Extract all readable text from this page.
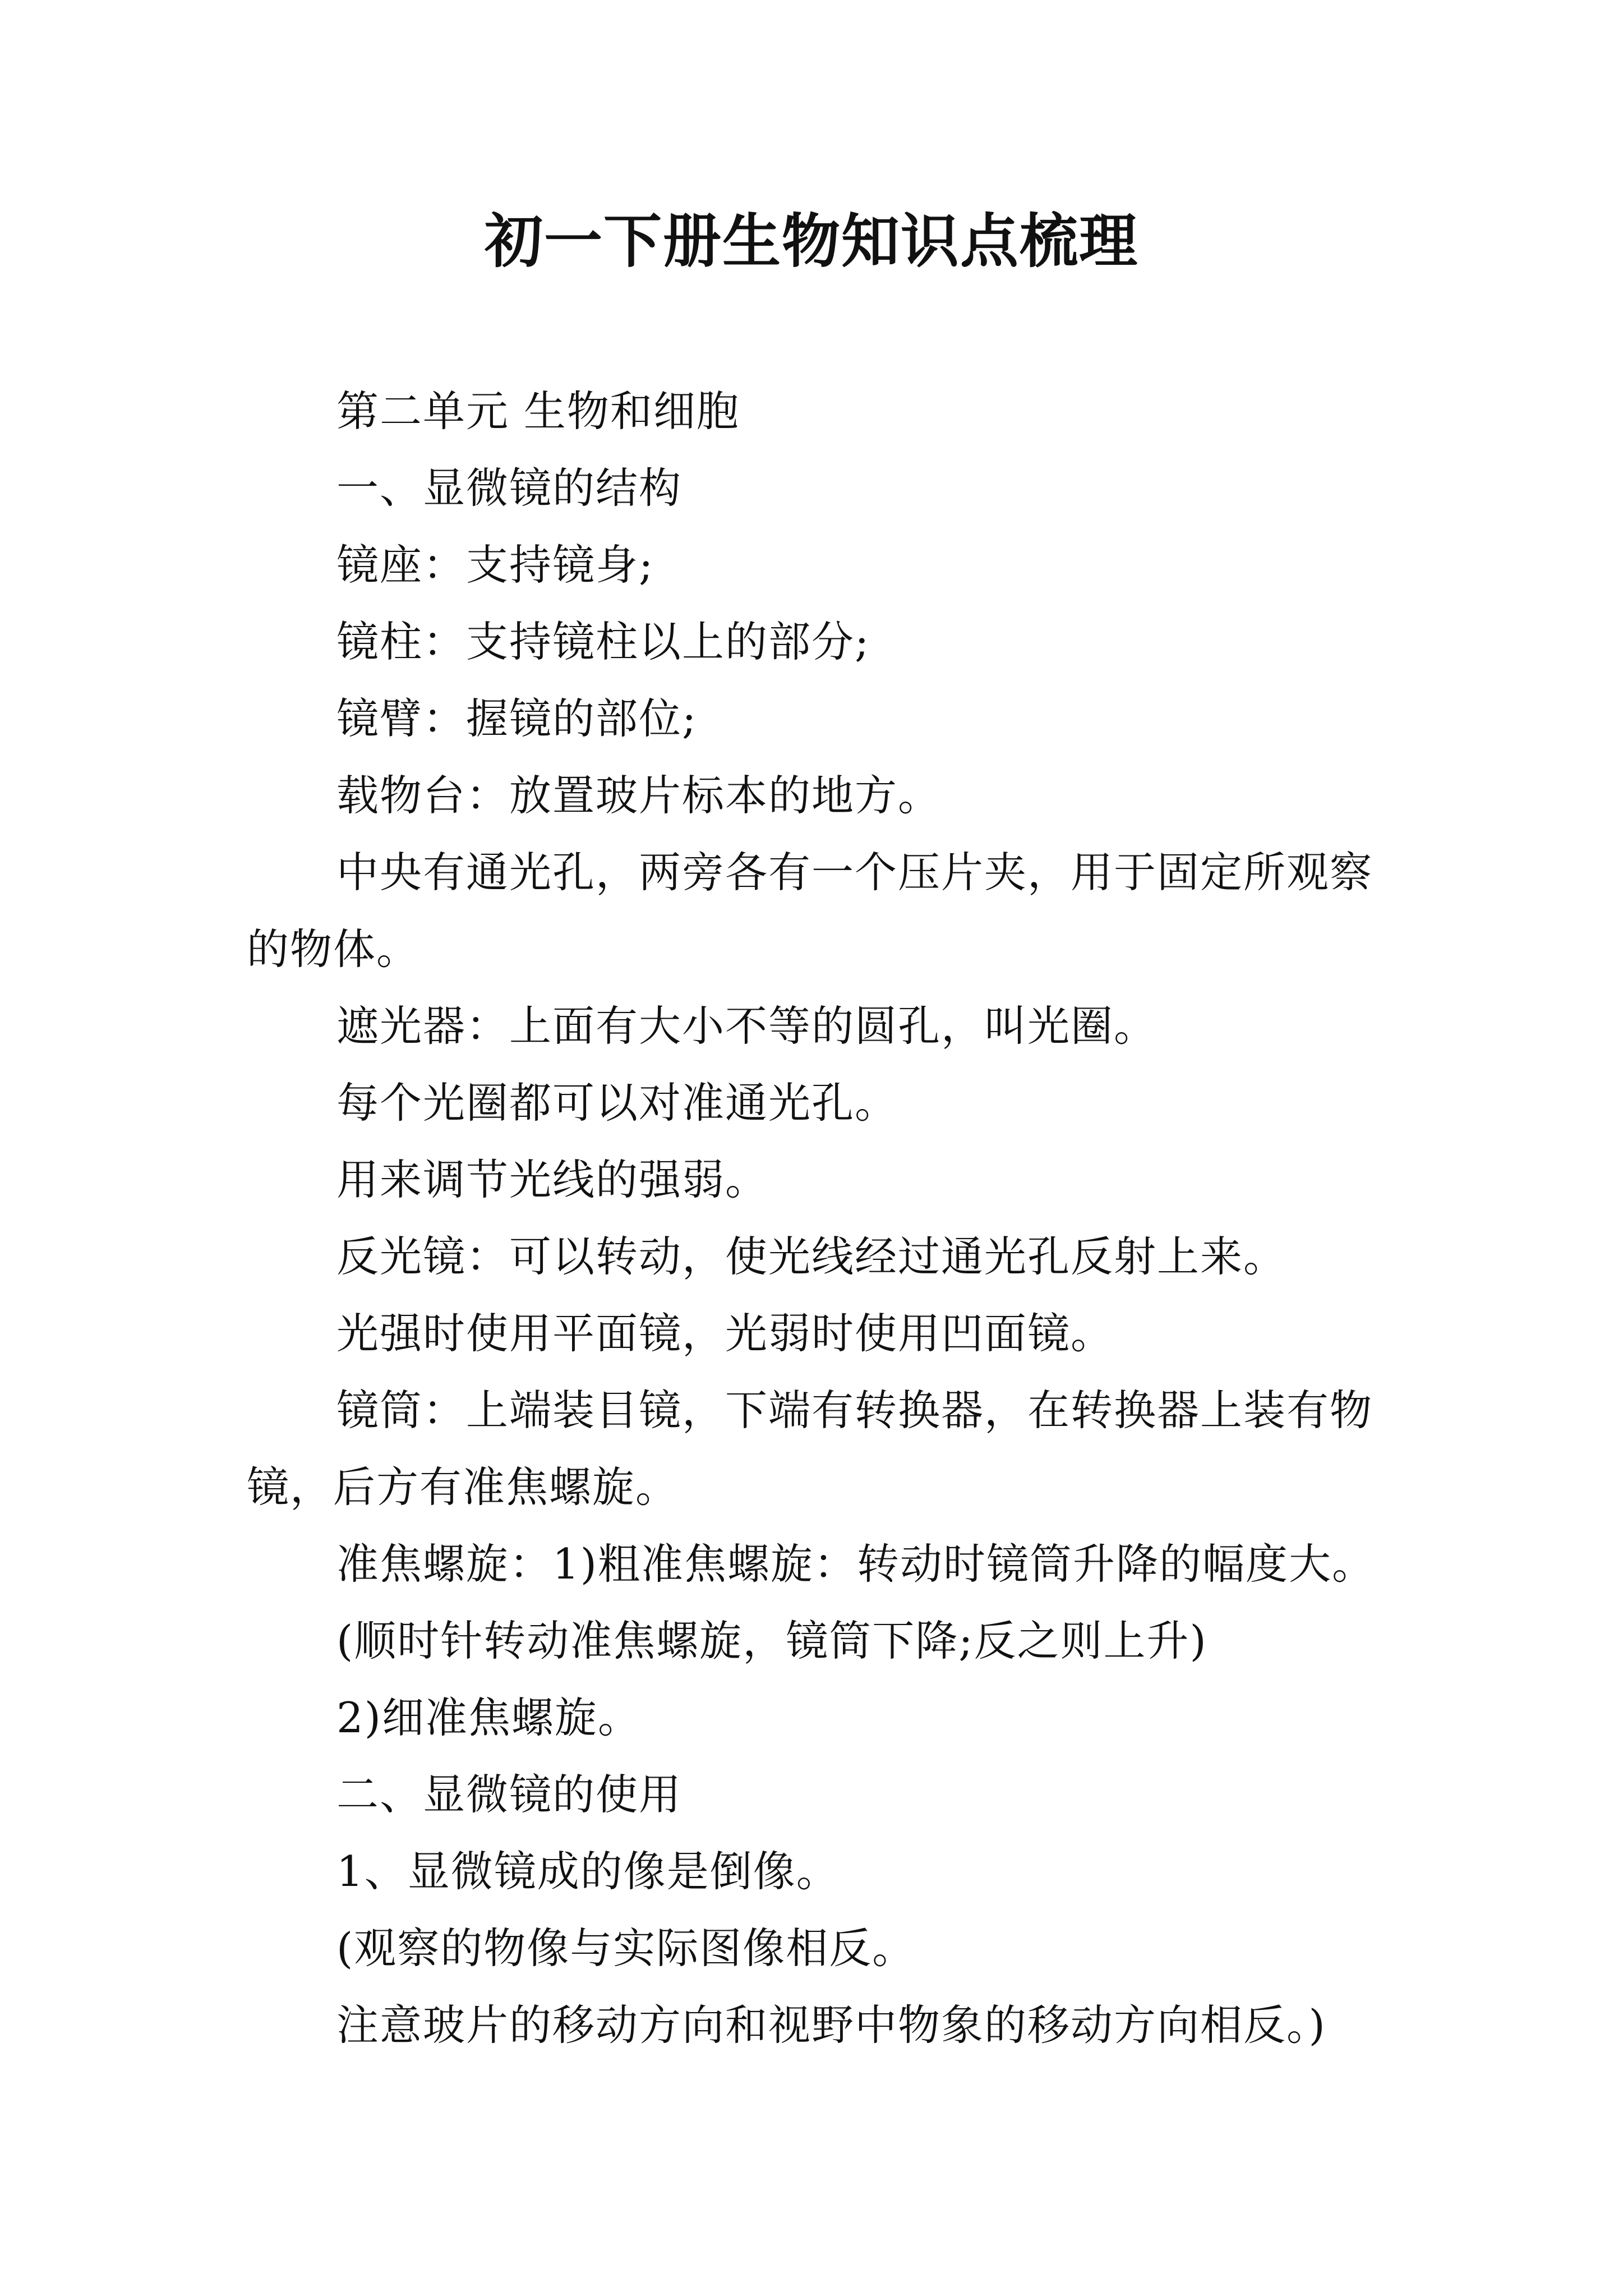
初一下册生物知识点梳理

第二单元 生物和细胞

一、显微镜的结构

镜座：支持镜身;

镜柱：支持镜柱以上的部分;

镜臂：握镜的部位;

载物台：放置玻片标本的地方。

中央有通光孔，两旁各有一个压片夹，用于固定所观察的物体。

遮光器：上面有大小不等的圆孔，叫光圈。

每个光圈都可以对准通光孔。

用来调节光线的强弱。

反光镜：可以转动，使光线经过通光孔反射上来。

光强时使用平面镜，光弱时使用凹面镜。

镜筒：上端装目镜，下端有转换器，在转换器上装有物镜，后方有准焦螺旋。

准焦螺旋：1)粗准焦螺旋：转动时镜筒升降的幅度大。

(顺时针转动准焦螺旋，镜筒下降;反之则上升)

2)细准焦螺旋。

二、显微镜的使用

1、显微镜成的像是倒像。

(观察的物像与实际图像相反。

注意玻片的移动方向和视野中物象的移动方向相反。)
